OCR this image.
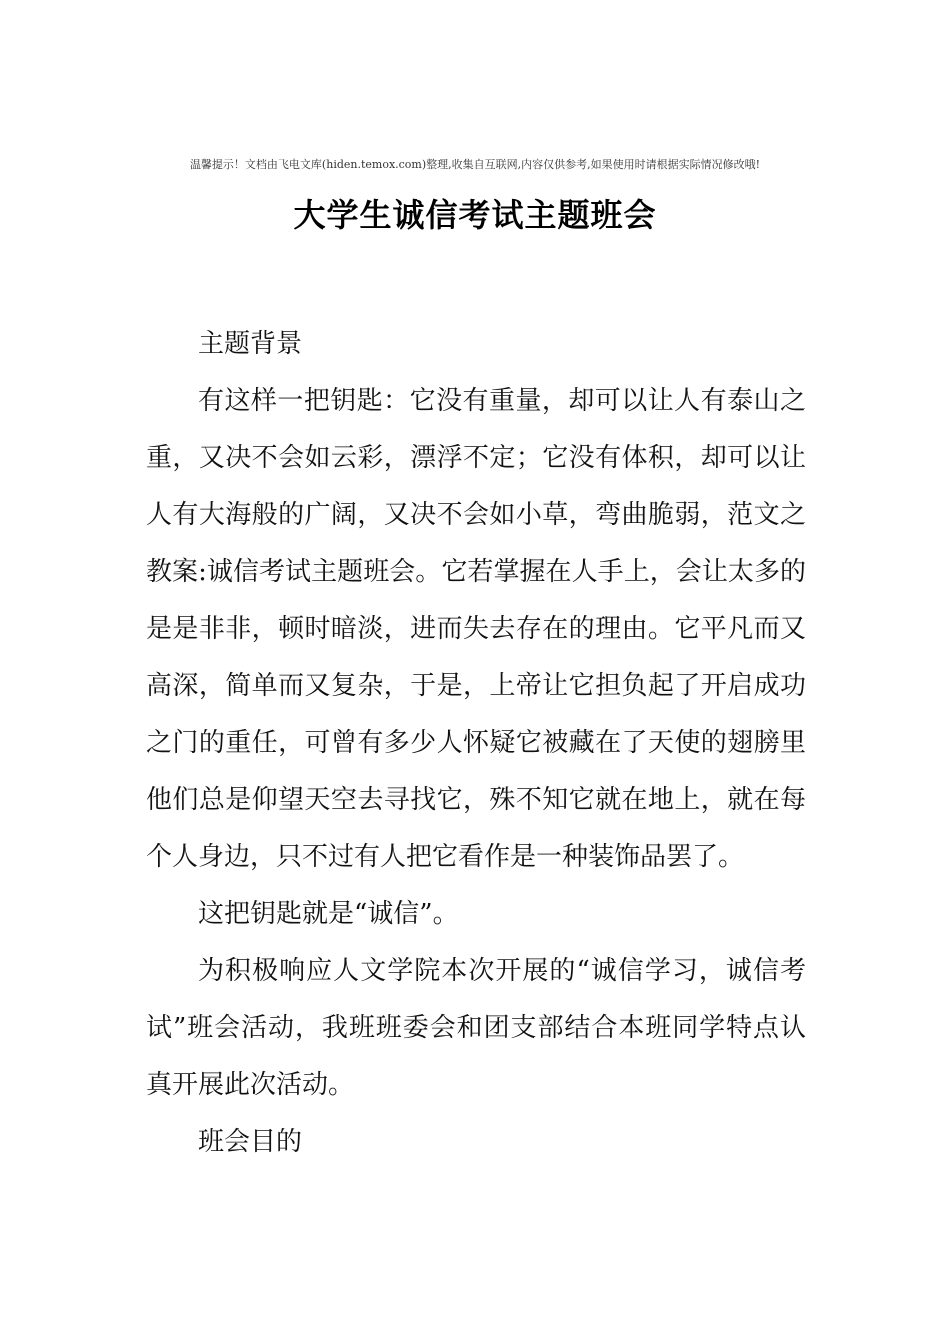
温馨提示！文档由飞电文库(hiden.temox.com)整理,收集自互联网,内容仅供参考,如果使用时请根据实际情况修改哦!
大学生诚信考试主题班会

主题背景

有这样一把钥匙：它没有重量，却可以让人有泰山之重，又决不会如云彩，漂浮不定；它没有体积，却可以让人有大海般的广阔，又决不会如小草，弯曲脆弱，范文之教案:诚信考试主题班会。它若掌握在人手上，会让太多的是是非非，顿时暗淡，进而失去存在的理由。它平凡而又高深，简单而又复杂，于是，上帝让它担负起了开启成功之门的重任，可曾有多少人怀疑它被藏在了天使的翅膀里他们总是仰望天空去寻找它，殊不知它就在地上，就在每个人身边，只不过有人把它看作是一种装饰品罢了。

这把钥匙就是“诚信”。

为积极响应人文学院本次开展的“诚信学习，诚信考试”班会活动，我班班委会和团支部结合本班同学特点认真开展此次活动。

班会目的
